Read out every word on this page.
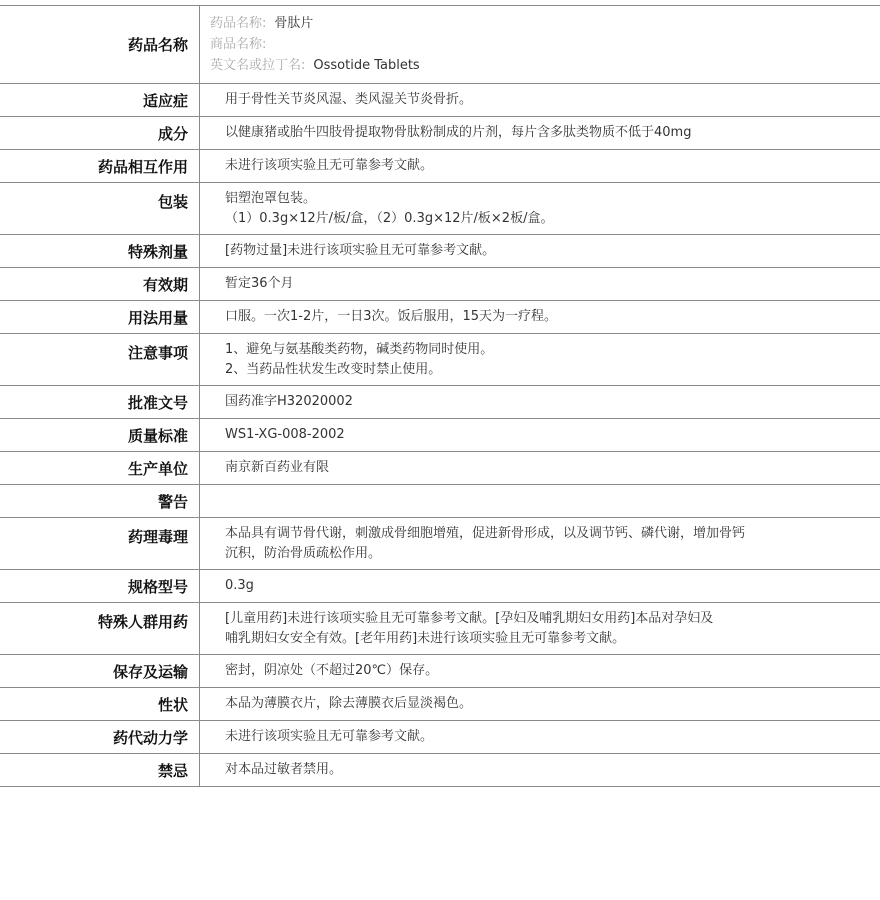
药品名称
药品名称: 骨肽片
商品名称:
英文名或拉丁名: Ossotide Tablets
适应症	用于骨性关节炎风湿、类风湿关节炎骨折。
成分	以健康猪或胎牛四肢骨提取物骨肽粉制成的片剂，每片含多肽类物质不低于40mg
药品相互作用	未进行该项实验且无可靠参考文献。
包装	铝塑泡罩包装。
（1）0.3g×12片/板/盒，（2）0.3g×12片/板×2板/盒。
特殊剂量	[药物过量]未进行该项实验且无可靠参考文献。
有效期	暂定36个月
用法用量	口服。一次1-2片，一日3次。饭后服用，15天为一疗程。
注意事项	1、避免与氨基酸类药物，碱类药物同时使用。
2、当药品性状发生改变时禁止使用。
批准文号	国药准字H32020002
质量标准	WS1-XG-008-2002
生产单位	南京新百药业有限
警告
药理毒理	本品具有调节骨代谢，刺激成骨细胞增殖，促进新骨形成，以及调节钙、磷代谢，增加骨钙
沉积，防治骨质疏松作用。
规格型号	0.3g
特殊人群用药	[儿童用药]未进行该项实验且无可靠参考文献。[孕妇及哺乳期妇女用药]本品对孕妇及
哺乳期妇女安全有效。[老年用药]未进行该项实验且无可靠参考文献。
保存及运输	密封，阴凉处（不超过20℃）保存。
性状	本品为薄膜衣片，除去薄膜衣后显淡褐色。
药代动力学	未进行该项实验且无可靠参考文献。
禁忌	对本品过敏者禁用。
